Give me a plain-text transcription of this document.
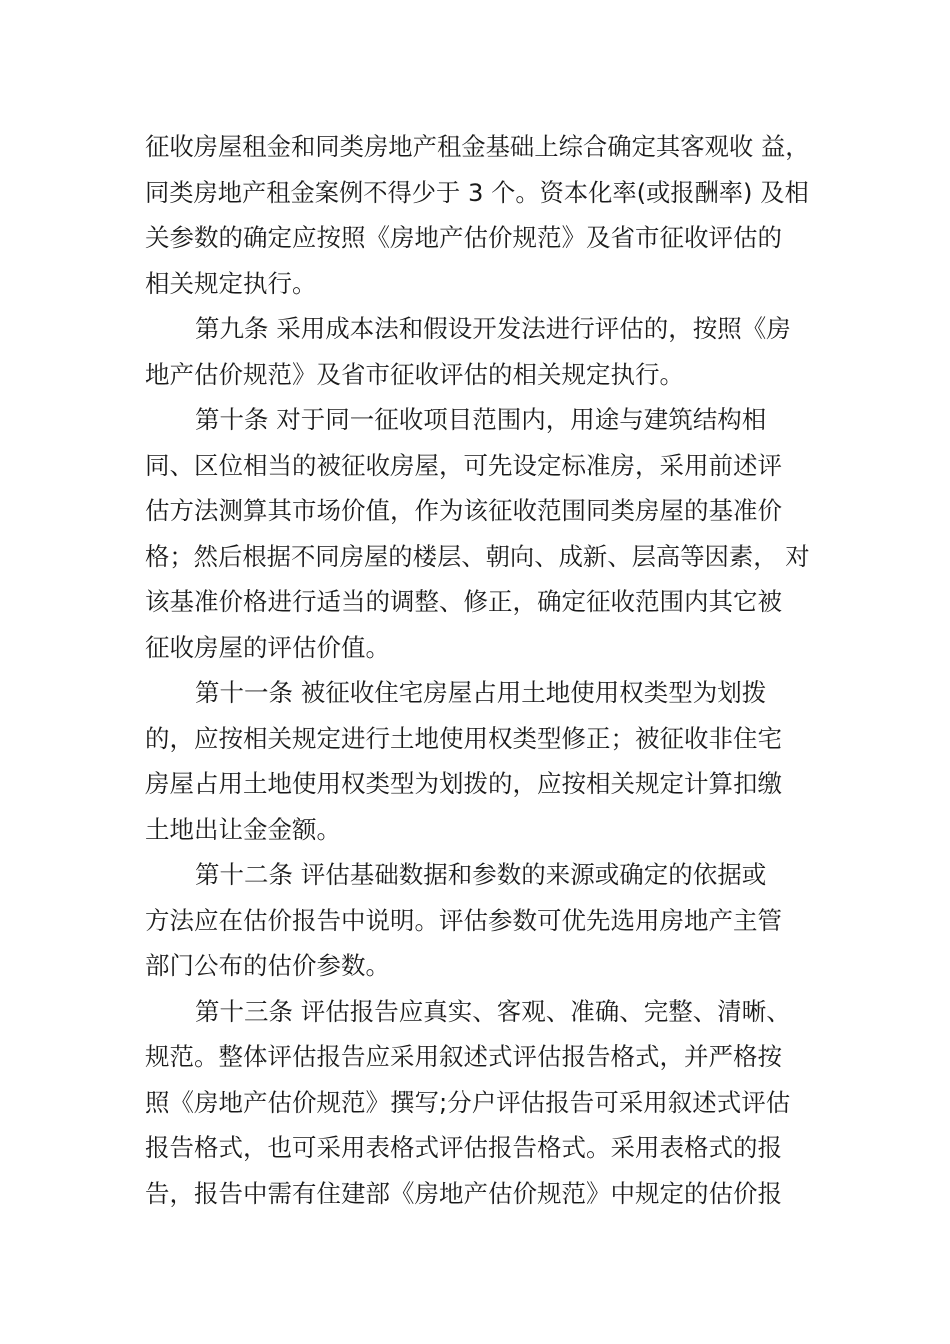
征收房屋租金和同类房地产租金基础上综合确定其客观收 益，
同类房地产租金案例不得少于 3 个。资本化率(或报酬率) 及相
关参数的确定应按照《房地产估价规范》及省市征收评估的
相关规定执行。
第九条 采用成本法和假设开发法进行评估的，按照《房
地产估价规范》及省市征收评估的相关规定执行。
第十条 对于同一征收项目范围内，用途与建筑结构相
同、区位相当的被征收房屋，可先设定标准房，采用前述评
估方法测算其市场价值，作为该征收范围同类房屋的基准价
格；然后根据不同房屋的楼层、朝向、成新、层高等因素， 对
该基准价格进行适当的调整、修正，确定征收范围内其它被
征收房屋的评估价值。
第十一条 被征收住宅房屋占用土地使用权类型为划拨
的，应按相关规定进行土地使用权类型修正；被征收非住宅
房屋占用土地使用权类型为划拨的，应按相关规定计算扣缴
土地出让金金额。
第十二条 评估基础数据和参数的来源或确定的依据或
方法应在估价报告中说明。评估参数可优先选用房地产主管
部门公布的估价参数。
第十三条 评估报告应真实、客观、准确、完整、清晰、
规范。整体评估报告应采用叙述式评估报告格式，并严格按
照《房地产估价规范》撰写;分户评估报告可采用叙述式评估
报告格式，也可采用表格式评估报告格式。采用表格式的报
告，报告中需有住建部《房地产估价规范》中规定的估价报
